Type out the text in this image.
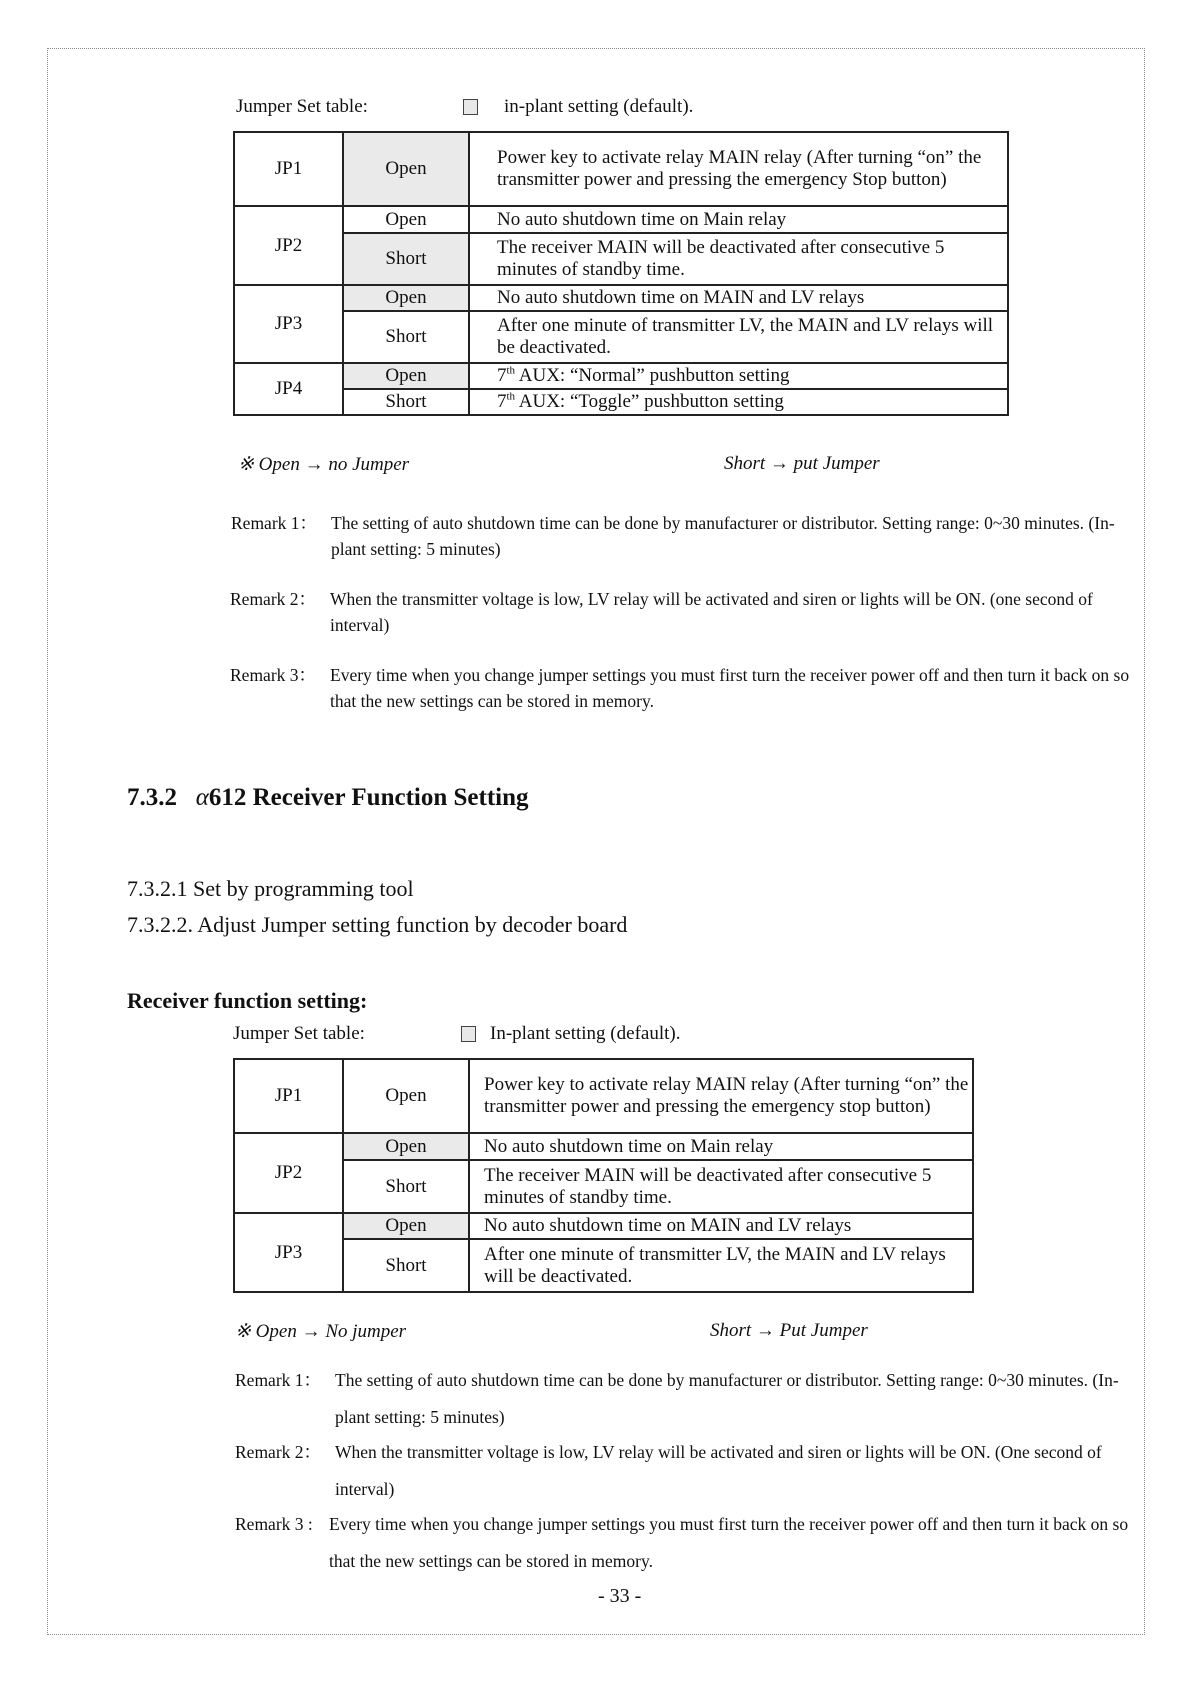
Jumper Set table:	in-plant setting (default).
JP1	Open	Power key to activate relay MAIN relay (After turning “on” the transmitter power and pressing the emergency Stop button)
JP2	Open	No auto shutdown time on Main relay
	Short	The receiver MAIN will be deactivated after consecutive 5 minutes of standby time.
JP3	Open	No auto shutdown time on MAIN and LV relays
	Short	After one minute of transmitter LV, the MAIN and LV relays will be deactivated.
JP4	Open	7th AUX: “Normal” pushbutton setting
	Short	7th AUX: “Toggle” pushbutton setting
※ Open → no Jumper	Short → put Jumper
Remark 1： The setting of auto shutdown time can be done by manufacturer or distributor. Setting range: 0~30 minutes. (In-plant setting: 5 minutes)
Remark 2： When the transmitter voltage is low, LV relay will be activated and siren or lights will be ON. (one second of interval)
Remark 3： Every time when you change jumper settings you must first turn the receiver power off and then turn it back on so that the new settings can be stored in memory.
7.3.2 α612 Receiver Function Setting
7.3.2.1 Set by programming tool
7.3.2.2. Adjust Jumper setting function by decoder board
Receiver function setting:
Jumper Set table:	In-plant setting (default).
JP1	Open	Power key to activate relay MAIN relay (After turning “on” the transmitter power and pressing the emergency stop button)
JP2	Open	No auto shutdown time on Main relay
	Short	The receiver MAIN will be deactivated after consecutive 5 minutes of standby time.
JP3	Open	No auto shutdown time on MAIN and LV relays
	Short	After one minute of transmitter LV, the MAIN and LV relays will be deactivated.
※ Open → No jumper	Short → Put Jumper
Remark 1： The setting of auto shutdown time can be done by manufacturer or distributor. Setting range: 0~30 minutes. (In-plant setting: 5 minutes)
Remark 2： When the transmitter voltage is low, LV relay will be activated and siren or lights will be ON. (One second of interval)
Remark 3 : Every time when you change jumper settings you must first turn the receiver power off and then turn it back on so that the new settings can be stored in memory.
- 33 -
